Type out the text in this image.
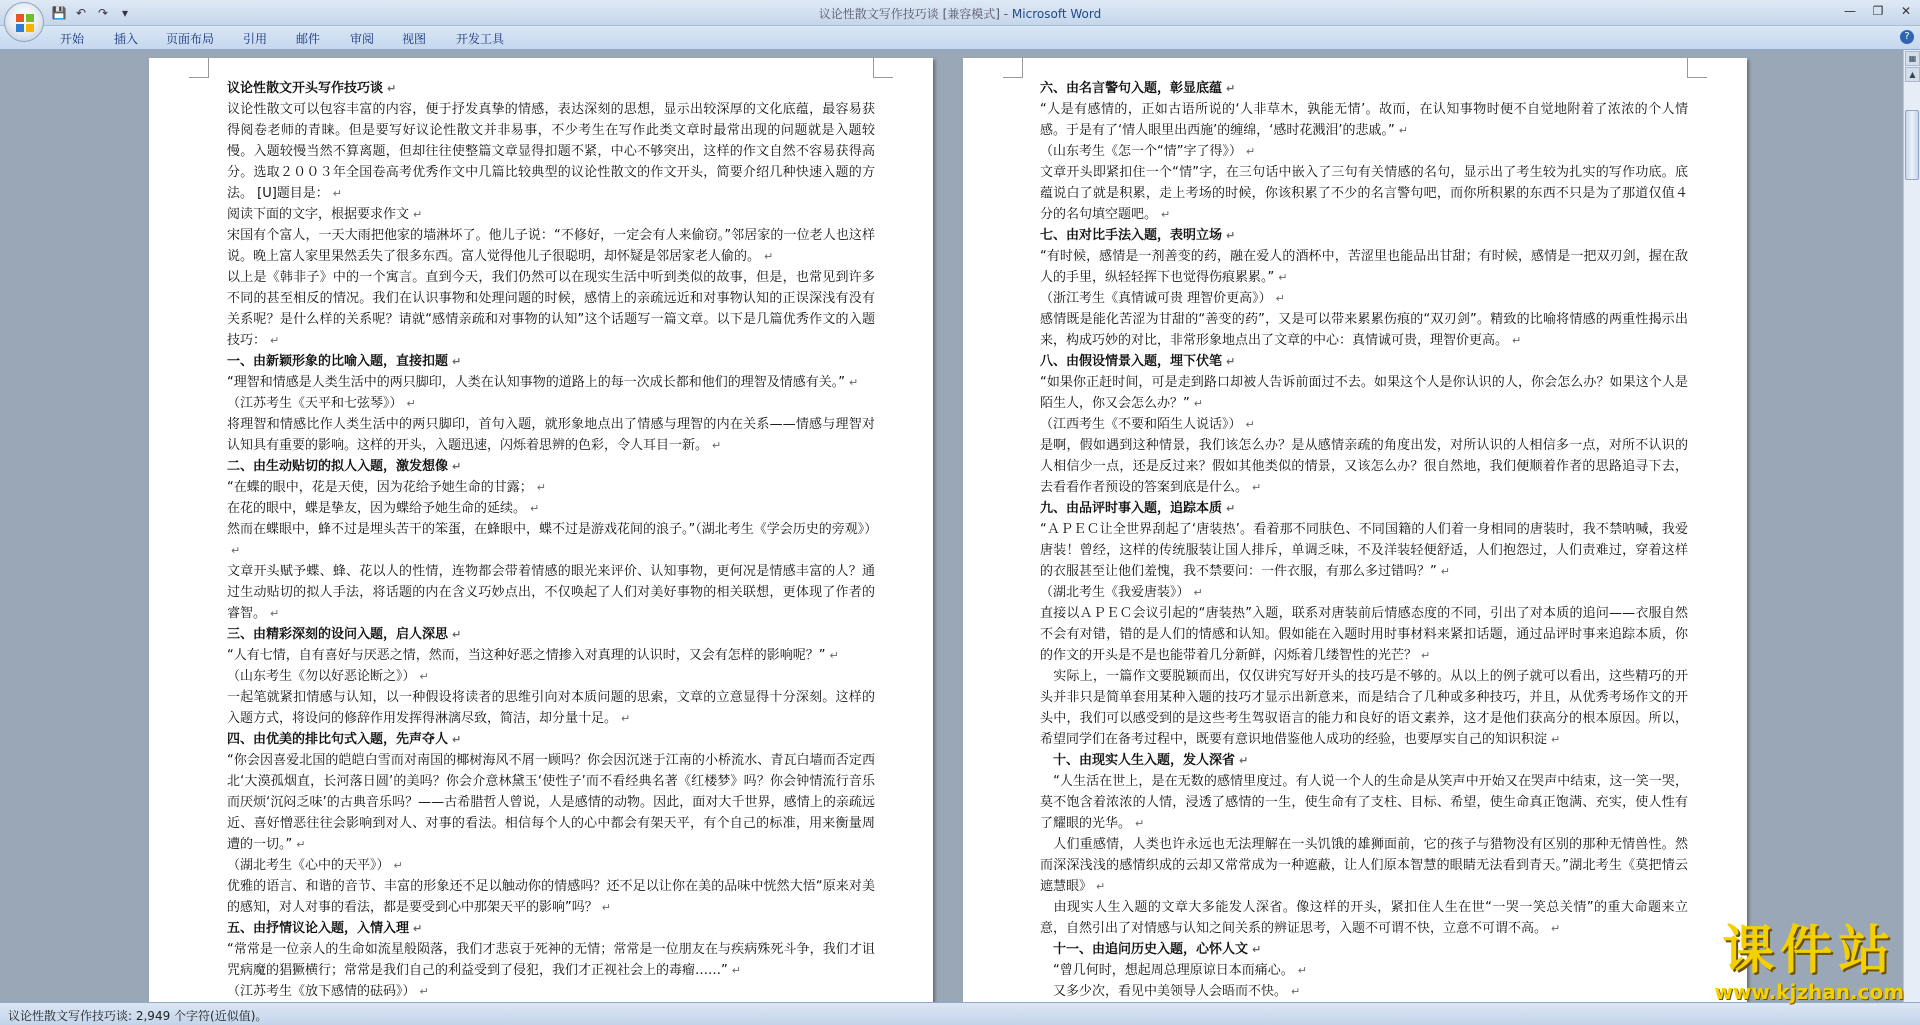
💾 ↶ ↷	▾	议论性散文写作技巧谈 [兼容模式] - Microsoft Word	—	❐	✕
开始 插入 页面布局 引用 邮件 审阅 视图 开发工具	?

议论性散文开头写作技巧谈 ↵

议论性散文可以包容丰富的内容，便于抒发真挚的情感，表达深刻的思想，显示出较深厚的文化底蕴，最容易获得阅卷老师的青睐。但是要写好议论性散文并非易事，不少考生在写作此类文章时最常出现的问题就是入题较慢。入题较慢当然不算离题，但却往往使整篇文章显得扣题不紧，中心不够突出，这样的作文自然不容易获得高分。选取２００３年全国卷高考优秀作文中几篇比较典型的议论性散文的作文开头，简要介绍几种快速入题的方法。 [U]题目是： ↵

阅读下面的文字，根据要求作文 ↵

宋国有个富人，一天大雨把他家的墙淋坏了。他儿子说：“不修好，一定会有人来偷窃。”邻居家的一位老人也这样说。晚上富人家里果然丢失了很多东西。富人觉得他儿子很聪明，却怀疑是邻居家老人偷的。 ↵

以上是《韩非子》中的一个寓言。直到今天，我们仍然可以在现实生活中听到类似的故事，但是，也常见到许多不同的甚至相反的情况。我们在认识事物和处理问题的时候，感情上的亲疏远近和对事物认知的正误深浅有没有关系呢？是什么样的关系呢？请就“感情亲疏和对事物的认知”这个话题写一篇文章。以下是几篇优秀作文的入题技巧： ↵

一、由新颖形象的比喻入题，直接扣题 ↵

“理智和情感是人类生活中的两只脚印，人类在认知事物的道路上的每一次成长都和他们的理智及情感有关。” ↵

（江苏考生《天平和七弦琴》） ↵

将理智和情感比作人类生活中的两只脚印，首句入题，就形象地点出了情感与理智的内在关系——情感与理智对认知具有重要的影响。这样的开头，入题迅速，闪烁着思辨的色彩，令人耳目一新。 ↵

二、由生动贴切的拟人入题，激发想像 ↵

“在蝶的眼中，花是天使，因为花给予她生命的甘露； ↵

在花的眼中，蝶是挚友，因为蝶给予她生命的延续。 ↵

然而在蝶眼中，蜂不过是埋头苦干的笨蛋，在蜂眼中，蝶不过是游戏花间的浪子。”（湖北考生《学会历史的旁观》）↵

文章开头赋予蝶、蜂、花以人的性情，连物都会带着情感的眼光来评价、认知事物，更何况是情感丰富的人？通过生动贴切的拟人手法，将话题的内在含义巧妙点出，不仅唤起了人们对美好事物的相关联想，更体现了作者的睿智。 ↵

三、由精彩深刻的设问入题，启人深思 ↵

“人有七情，自有喜好与厌恶之情，然而，当这种好恶之情掺入对真理的认识时，又会有怎样的影响呢？” ↵

（山东考生《勿以好恶论断之》） ↵

一起笔就紧扣情感与认知，以一种假设将读者的思维引向对本质问题的思索，文章的立意显得十分深刻。这样的入题方式，将设问的修辞作用发挥得淋漓尽致，简洁，却分量十足。 ↵

四、由优美的排比句式入题，先声夺人 ↵

“你会因喜爱北国的皑皑白雪而对南国的椰树海风不屑一顾吗？你会因沉迷于江南的小桥流水、青瓦白墙而否定西北‘大漠孤烟直，长河落日圆’的美吗？你会介意林黛玉‘使性子’而不看经典名著《红楼梦》吗？你会钟情流行音乐而厌烦‘沉闷乏味’的古典音乐吗？——古希腊哲人曾说，人是感情的动物。因此，面对大千世界，感情上的亲疏远近、喜好憎恶往往会影响到对人、对事的看法。相信每个人的心中都会有架天平，有个自己的标准，用来衡量周遭的一切。” ↵

（湖北考生《心中的天平》） ↵

优雅的语言、和谐的音节、丰富的形象还不足以触动你的情感吗？还不足以让你在美的品味中恍然大悟“原来对美的感知，对人对事的看法，都是要受到心中那架天平的影响”吗？ ↵

五、由抒情议论入题，入情入理 ↵

“常常是一位亲人的生命如流星般陨落，我们才悲哀于死神的无情；常常是一位朋友在与疾病殊死斗争，我们才诅咒病魔的猖獗横行；常常是我们自己的利益受到了侵犯，我们才正视社会上的毒瘤……” ↵

（江苏考生《放下感情的砝码》） ↵

六、由名言警句入题，彰显底蕴 ↵

“人是有感情的，正如古语所说的‘人非草木，孰能无情’。故而，在认知事物时便不自觉地附着了浓浓的个人情感。于是有了‘情人眼里出西施’的缠绵，‘感时花溅泪’的悲戚。” ↵

（山东考生《怎一个“情”字了得》） ↵

文章开头即紧扣住一个“情”字，在三句话中嵌入了三句有关情感的名句，显示出了考生较为扎实的写作功底。底蕴说白了就是积累，走上考场的时候，你该积累了不少的名言警句吧，而你所积累的东西不只是为了那道仅值４分的名句填空题吧。 ↵

七、由对比手法入题，表明立场 ↵

“有时候，感情是一剂善变的药，融在爱人的酒杯中，苦涩里也能品出甘甜；有时候，感情是一把双刃剑，握在敌人的手里，纵轻轻挥下也觉得伤痕累累。” ↵

（浙江考生《真情诚可贵 理智价更高》） ↵

感情既是能化苦涩为甘甜的“善变的药”，又是可以带来累累伤痕的“双刃剑”。精致的比喻将情感的两重性揭示出来，构成巧妙的对比，非常形象地点出了文章的中心：真情诚可贵，理智价更高。 ↵

八、由假设情景入题，埋下伏笔 ↵

“如果你正赶时间，可是走到路口却被人告诉前面过不去。如果这个人是你认识的人，你会怎么办？如果这个人是陌生人，你又会怎么办？” ↵

（江西考生《不要和陌生人说话》） ↵

是啊，假如遇到这种情景，我们该怎么办？是从感情亲疏的角度出发，对所认识的人相信多一点，对所不认识的人相信少一点，还是反过来？假如其他类似的情景，又该怎么办？很自然地，我们便顺着作者的思路追寻下去，去看看作者预设的答案到底是什么。 ↵

九、由品评时事入题，追踪本质 ↵

“ＡＰＥＣ让全世界刮起了‘唐装热’。看着那不同肤色、不同国籍的人们着一身相同的唐装时，我不禁呐喊，我爱唐装！曾经，这样的传统服装让国人排斥，单调乏味，不及洋装轻便舒适，人们抱怨过，人们责难过，穿着这样的衣服甚至让他们羞愧，我不禁要问：一件衣服，有那么多过错吗？” ↵

（湖北考生《我爱唐装》） ↵

直接以ＡＰＥＣ会议引起的“唐装热”入题，联系对唐装前后情感态度的不同，引出了对本质的追问——衣服自然不会有对错，错的是人们的情感和认知。假如能在入题时用时事材料来紧扣话题，通过品评时事来追踪本质，你的作文的开头是不是也能带着几分新鲜，闪烁着几缕智性的光芒？ ↵

　实际上，一篇作文要脱颖而出，仅仅讲究写好开头的技巧是不够的。从以上的例子就可以看出，这些精巧的开头并非只是简单套用某种入题的技巧才显示出新意来，而是结合了几种或多种技巧，并且，从优秀考场作文的开头中，我们可以感受到的是这些考生驾驭语言的能力和良好的语文素养，这才是他们获高分的根本原因。所以，希望同学们在备考过程中，既要有意识地借鉴他人成功的经验，也要厚实自己的知识积淀 ↵

　十、由现实人生入题，发人深省 ↵

　“人生活在世上，是在无数的感情里度过。有人说一个人的生命是从笑声中开始又在哭声中结束，这一笑一哭，莫不饱含着浓浓的人情，浸透了感情的一生，使生命有了支柱、目标、希望，使生命真正饱满、充实，使人性有了耀眼的光华。 ↵

　人们重感情，人类也许永远也无法理解在一头饥饿的雄狮面前，它的孩子与猎物没有区别的那种无情兽性。然而深深浅浅的感情织成的云却又常常成为一种遮蔽，让人们原本智慧的眼睛无法看到青天。”湖北考生《莫把情云遮慧眼》 ↵

　由现实人生入题的文章大多能发人深省。像这样的开头，紧扣住人生在世“一哭一笑总关情”的重大命题来立意，自然引出了对情感与认知之间关系的辨证思考，入题不可谓不快，立意不可谓不高。 ↵

　十一、由追问历史入题，心怀人文 ↵

　“曾几何时，想起周总理原谅日本而痛心。 ↵

　又多少次，看见中美领导人会晤而不快。 ↵

▦
▲
议论性散文写作技巧谈: 2,949 个字符(近似值)。
课件站
www.kjzhan.com
